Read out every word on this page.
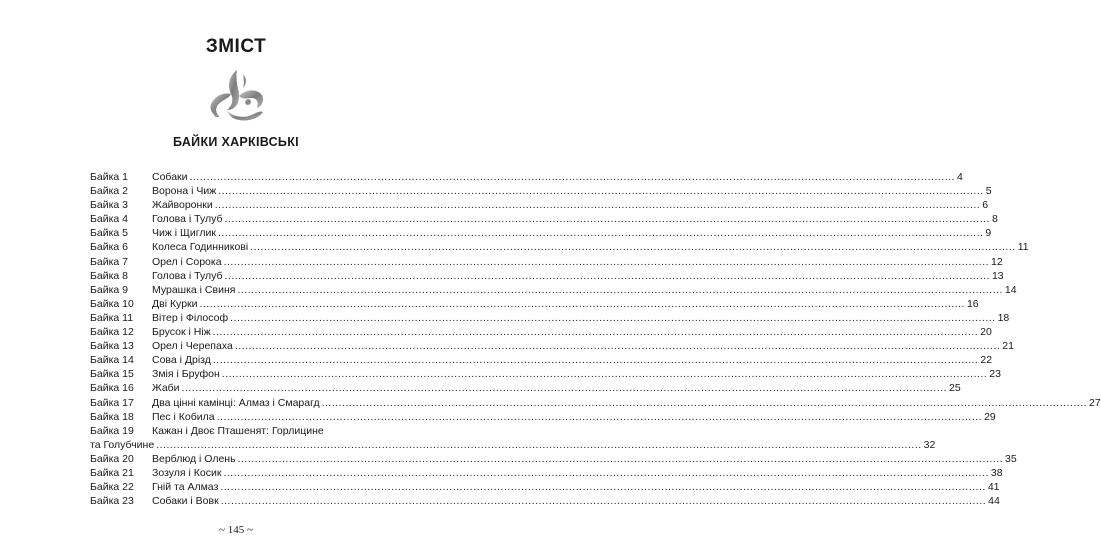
ЗМІСТ
БАЙКИ ХАРКІВСЬКІ
Байка 1	Собаки .....	4
Байка 2	Ворона і Чиж .....	5
Байка 3	Жайворонки .....	6
Байка 4	Голова і Тулуб .....	8
Байка 5	Чиж і Щиглик .....	9
Байка 6	Колеса Годинникові .....	11
Байка 7	Орел і Сорока .....	12
Байка 8	Голова і Тулуб .....	13
Байка 9	Мурашка і Свиня .....	14
Байка 10	Дві Курки .....	16
Байка 11	Вітер і Філософ .....	18
Байка 12	Брусок і Ніж .....	20
Байка 13	Орел і Черепаха .....	21
Байка 14	Сова і Дрізд .....	22
Байка 15	Змія і Бруфон .....	23
Байка 16	Жаби .....	25
Байка 17	Два цінні камінці: Алмаз і Смарагд .....	27
Байка 18	Пес і Кобила .....	29
Байка 19	Кажан і Двоє Пташенят: Горлицине
та Голубчине .....	32
Байка 20	Верблюд і Олень .....	35
Байка 21	Зозуля і Косик .....	38
Байка 22	Гній та Алмаз .....	41
Байка 23	Собаки і Вовк .....	44
~ 145 ~
